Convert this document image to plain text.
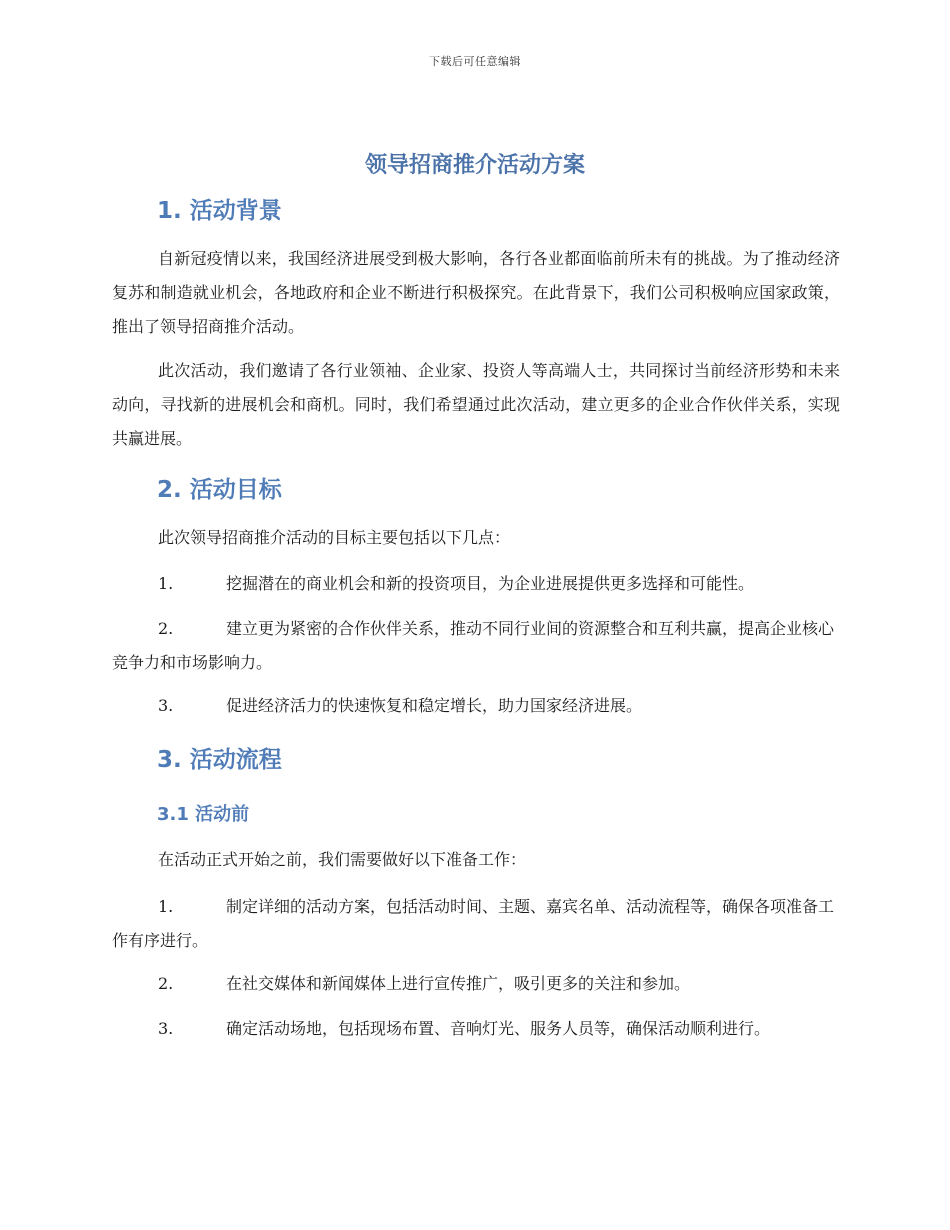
下载后可任意编辑
领导招商推介活动方案
1. 活动背景

自新冠疫情以来，我国经济进展受到极大影响，各行各业都面临前所未有的挑战。为了推动经济复苏和制造就业机会，各地政府和企业不断进行积极探究。在此背景下，我们公司积极响应国家政策，推出了领导招商推介活动。

此次活动，我们邀请了各行业领袖、企业家、投资人等高端人士，共同探讨当前经济形势和未来动向，寻找新的进展机会和商机。同时，我们希望通过此次活动，建立更多的企业合作伙伴关系，实现共赢进展。

2. 活动目标

此次领导招商推介活动的目标主要包括以下几点：

1.	挖掘潜在的商业机会和新的投资项目，为企业进展提供更多选择和可能性。

2.	建立更为紧密的合作伙伴关系，推动不同行业间的资源整合和互利共赢，提高企业核心竞争力和市场影响力。

3.	促进经济活力的快速恢复和稳定增长，助力国家经济进展。

3. 活动流程
3.1 活动前

在活动正式开始之前，我们需要做好以下准备工作：

1.	制定详细的活动方案，包括活动时间、主题、嘉宾名单、活动流程等，确保各项准备工作有序进行。

2.	在社交媒体和新闻媒体上进行宣传推广，吸引更多的关注和参加。

3.	确定活动场地，包括现场布置、音响灯光、服务人员等，确保活动顺利进行。
